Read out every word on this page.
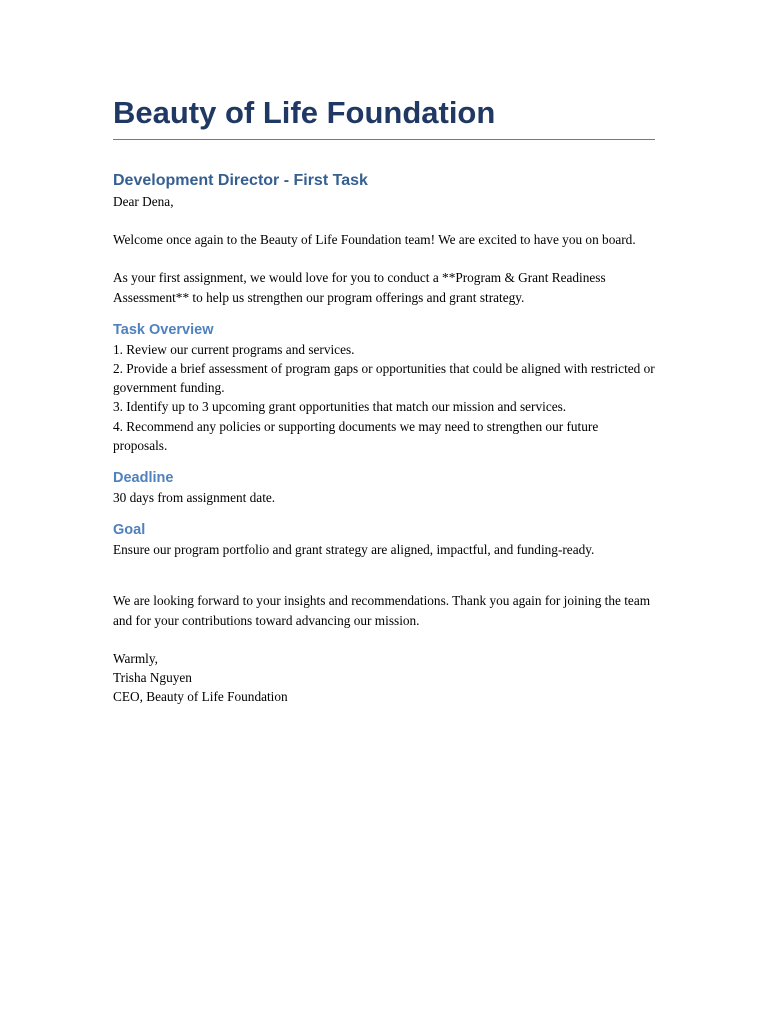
Beauty of Life Foundation
Development Director - First Task

Dear Dena,

Welcome once again to the Beauty of Life Foundation team! We are excited to have you on board.

As your first assignment, we would love for you to conduct a **Program & Grant Readiness Assessment** to help us strengthen our program offerings and grant strategy.

Task Overview

1. Review our current programs and services.

2. Provide a brief assessment of program gaps or opportunities that could be aligned with restricted or government funding.

3. Identify up to 3 upcoming grant opportunities that match our mission and services.

4. Recommend any policies or supporting documents we may need to strengthen our future proposals.

Deadline

30 days from assignment date.

Goal

Ensure our program portfolio and grant strategy are aligned, impactful, and funding-ready.

We are looking forward to your insights and recommendations. Thank you again for joining the team and for your contributions toward advancing our mission.

Warmly,

Trisha Nguyen

CEO, Beauty of Life Foundation
